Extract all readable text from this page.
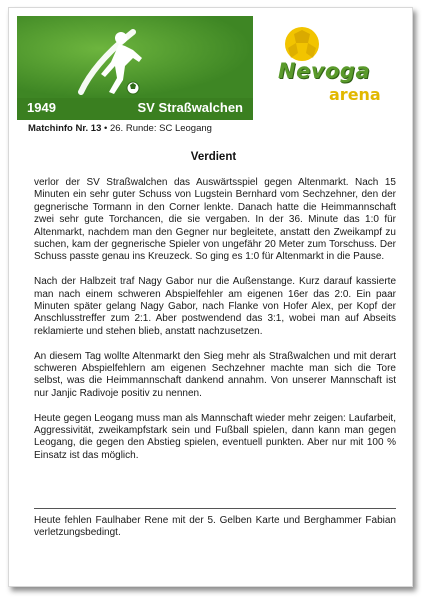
1949	SV Straßwalchen
Nevoga
arena
Matchinfo Nr. 13 • 26. Runde: SC Leogang
Verdient

verlor der SV Straßwalchen das Auswärtsspiel gegen Altenmarkt. Nach 15 Minuten ein sehr guter Schuss von Lugstein Bernhard vom Sechzehner, den der gegnerische Tormann in den Corner lenkte. Danach hatte die Heimmannschaft zwei sehr gute Torchancen, die sie vergaben. In der 36. Minute das 1:0 für Altenmarkt, nachdem man den Gegner nur begleitete, anstatt den Zweikampf zu suchen, kam der gegnerische Spieler von ungefähr 20 Meter zum Torschuss. Der Schuss passte genau ins Kreuzeck. So ging es 1:0 für Altenmarkt in die Pause.

Nach der Halbzeit traf Nagy Gabor nur die Außenstange. Kurz darauf kassierte man nach einem schweren Abspielfehler am eigenen 16er das 2:0. Ein paar Minuten später gelang Nagy Gabor, nach Flanke von Hofer Alex, per Kopf der Anschlusstreffer zum 2:1. Aber postwendend das 3:1, wobei man auf Abseits reklamierte und stehen blieb, anstatt nachzusetzen.

An diesem Tag wollte Altenmarkt den Sieg mehr als Straßwalchen und mit derart schweren Abspielfehlern am eigenen Sechzehner machte man sich die Tore selbst, was die Heimmannschaft dankend annahm. Von unserer Mannschaft ist nur Janjic Radivoje positiv zu nennen.

Heute gegen Leogang muss man als Mannschaft wieder mehr zeigen: Laufarbeit, Aggressivität, zweikampfstark sein und Fußball spielen, dann kann man gegen Leogang, die gegen den Abstieg spielen, eventuell punkten. Aber nur mit 100 % Einsatz ist das möglich.

Heute fehlen Faulhaber Rene mit der 5. Gelben Karte und Berghammer Fabian verletzungsbedingt.
